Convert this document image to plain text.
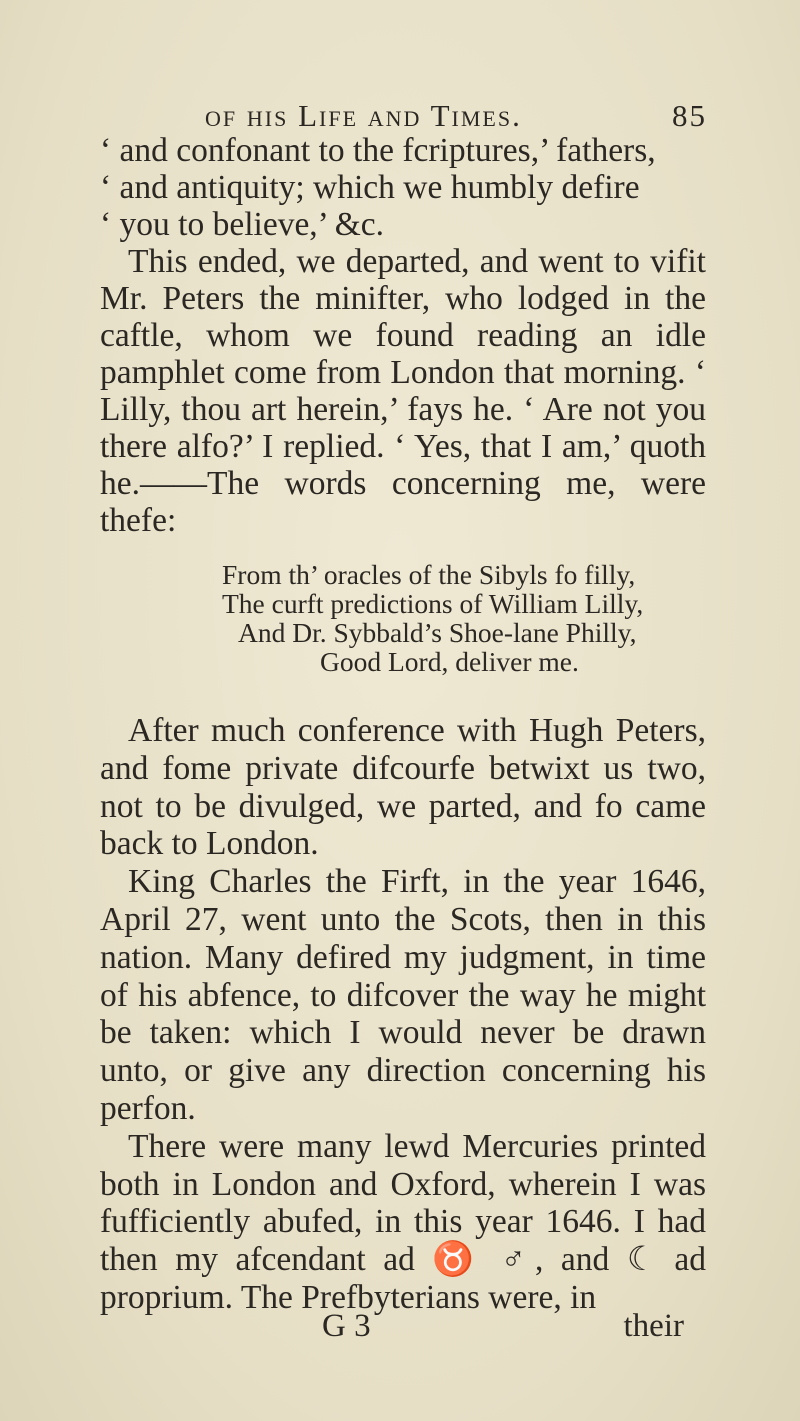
of his Life and Times.	85

‘ and confonant to the fcriptures,’ fathers,
‘ and antiquity; which we humbly defire
‘ you to believe,’ &c.

This ended, we departed, and went to vifit Mr. Peters the minifter, who lodged in the caftle, whom we found reading an idle pamphlet come from London that morning. ‘ Lilly, thou art herein,’ fays he. ‘ Are not you there alfo?’ I replied. ‘ Yes, that I am,’ quoth he.——The words concerning me, were thefe:

From th’ oracles of the Sibyls fo filly,
The curft predictions of William Lilly,
And Dr. Sybbald’s Shoe-lane Philly,
Good Lord, deliver me.

After much conference with Hugh Peters, and fome private difcourfe betwixt us two, not to be divulged, we parted, and fo came back to London.

King Charles the Firft, in the year 1646, April 27, went unto the Scots, then in this nation. Many defired my judgment, in time of his abfence, to difcover the way he might be taken: which I would never be drawn unto, or give any direction concerning his perfon.

There were many lewd Mercuries printed both in London and Oxford, wherein I was fufficiently abufed, in this year 1646. I had then my afcendant ad ♉ ♂, and ☾ ad proprium. The Prefbyterians were, in

G 3	their
